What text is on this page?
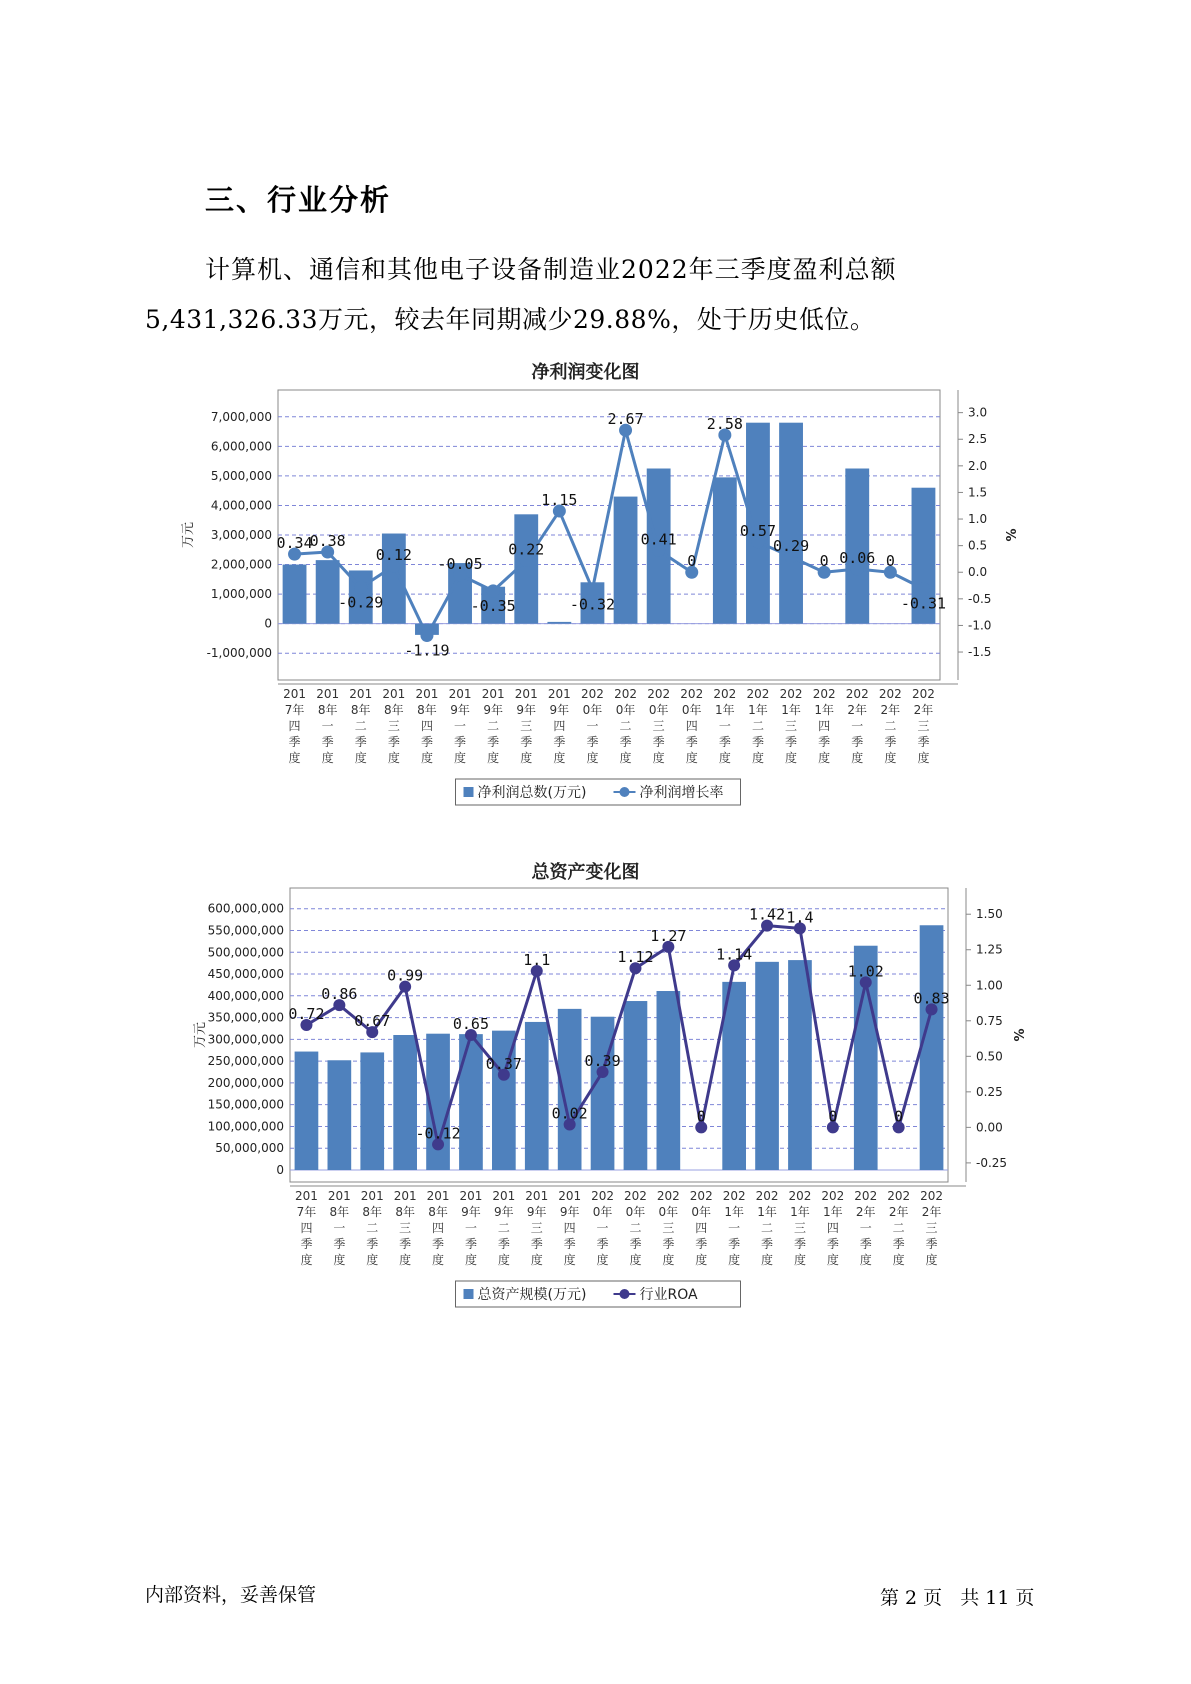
三、行业分析
计算机、通信和其他电子设备制造业2022年三季度盈利总额
5,431,326.33万元，较去年同期减少29.88%，处于历史低位。
净利润变化图
7,000,000
6,000,000
5,000,000
4,000,000
3,000,000
2,000,000
1,000,000
0
-1,000,000
万元
3.0
2.5
2.0
1.5
1.0
0.5
0.0
-0.5
-1.0
-1.5
%
0.34
0.38
-0.29
0.12
-1.19
-0.05
-0.35
0.22
1.15
-0.32
2.67
0.41
0
2.58
0.57
0.29
0 0.06 0
-0.31
201 7年四季度
201 8年一季度
201 8年二季度
201 8年三季度
201 8年四季度
201 9年一季度
201 9年二季度
201 9年三季度
201 9年四季度
202 0年一季度
202 0年二季度
202 0年三季度
202 0年四季度
202 1年一季度
202 1年二季度
202 1年三季度
202 1年四季度
202 2年一季度
202 2年二季度
202 2年三季度
净利润总数(万元)	净利润增长率
总资产变化图
600,000,000
550,000,000
500,000,000
450,000,000
400,000,000
350,000,000
300,000,000
250,000,000
200,000,000
150,000,000
100,000,000
50,000,000
0
万元
1.50
1.25
1.00
0.75
0.50
0.25
0.00
-0.25
%
0.72
0.86
0.67
0.99
-0.12
0.65
0.37
1.1
0.02
0.39
1.12
1.27
0
1.14
1.42 1.4
0
1.02
0
0.83
201 7年四季度
201 8年一季度
201 8年二季度
201 8年三季度
201 8年四季度
201 9年一季度
201 9年二季度
201 9年三季度
201 9年四季度
202 0年一季度
202 0年二季度
202 0年三季度
202 0年四季度
202 1年一季度
202 1年二季度
202 1年三季度
202 1年四季度
202 2年一季度
202 2年二季度
202 2年三季度
总资产规模(万元)	行业ROA
内部资料，妥善保管	第 2 页 共 11 页
